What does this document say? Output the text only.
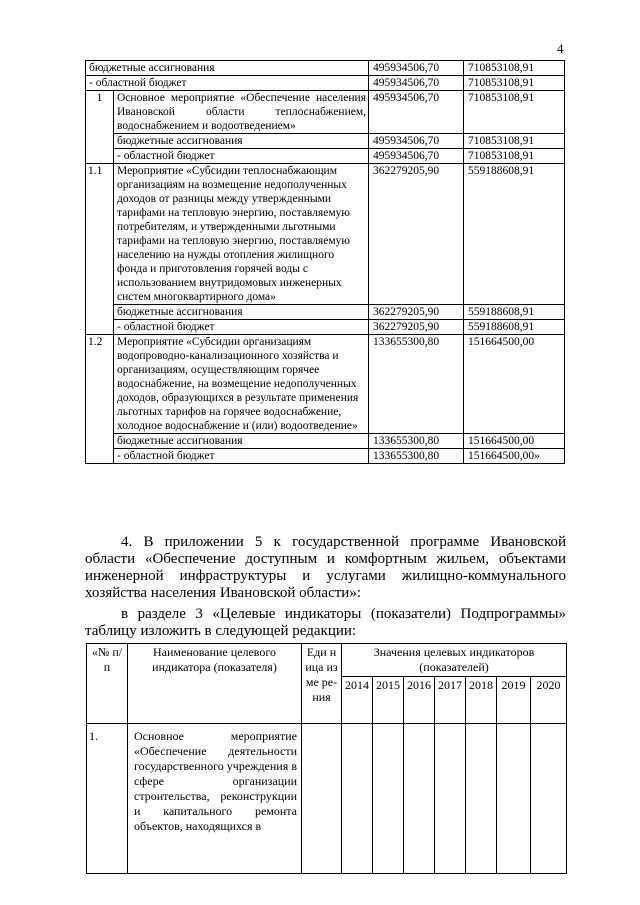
4
бюджетные ассигнования		495934506,70	710853108,91
- областной бюджет		495934506,70	710853108,91
1	Основное мероприятие «Обеспечение населения Ивановской области теплоснабжением, водоснабжением и водоотведением»	495934506,70	710853108,91
	бюджетные ассигнования	495934506,70	710853108,91
	- областной бюджет	495934506,70	710853108,91
1.1	Мероприятие «Субсидии теплоснабжающим организациям на возмещение недополученных доходов от разницы между утвержденными тарифами на тепловую энергию, поставляемую потребителям, и утвержденными льготными тарифами на тепловую энергию, поставляемую населению на нужды отопления жилищного фонда и приготовления горячей воды с использованием внутридомовых инженерных систем многоквартирного дома»	362279205,90	559188608,91
	бюджетные ассигнования	362279205,90	559188608,91
	- областной бюджет	362279205,90	559188608,91
1.2	Мероприятие «Субсидии организациям водопроводно-канализационного хозяйства и организациям, осуществляющим горячее водоснабжение, на возмещение недополученных доходов, образующихся в результате применения льготных тарифов на горячее водоснабжение, холодное водоснабжение и (или) водоотведение»	133655300,80	151664500,00
	бюджетные ассигнования	133655300,80	151664500,00
	- областной бюджет	133655300,80	151664500,00»

4. В приложении 5 к государственной программе Ивановской области «Обеспечение доступным и комфортным жильем, объектами инженерной инфраструктуры и услугами жилищно-коммунального хозяйства населения Ивановской области»:

в разделе 3 «Целевые индикаторы (показатели) Подпрограммы» таблицу изложить в следующей редакции:

«№ п/п	Наименование целевого индикатора (показателя)	Еди ница изме ре- ния	Значения целевых индикаторов (показателей)						
			2014	2015	2016	2017	2018	2019	2020
1.	Основное мероприятие «Обеспечение деятельности государственного учреждения в сфере организации строительства, реконструкции и капитального ремонта объектов, находящихся в								
